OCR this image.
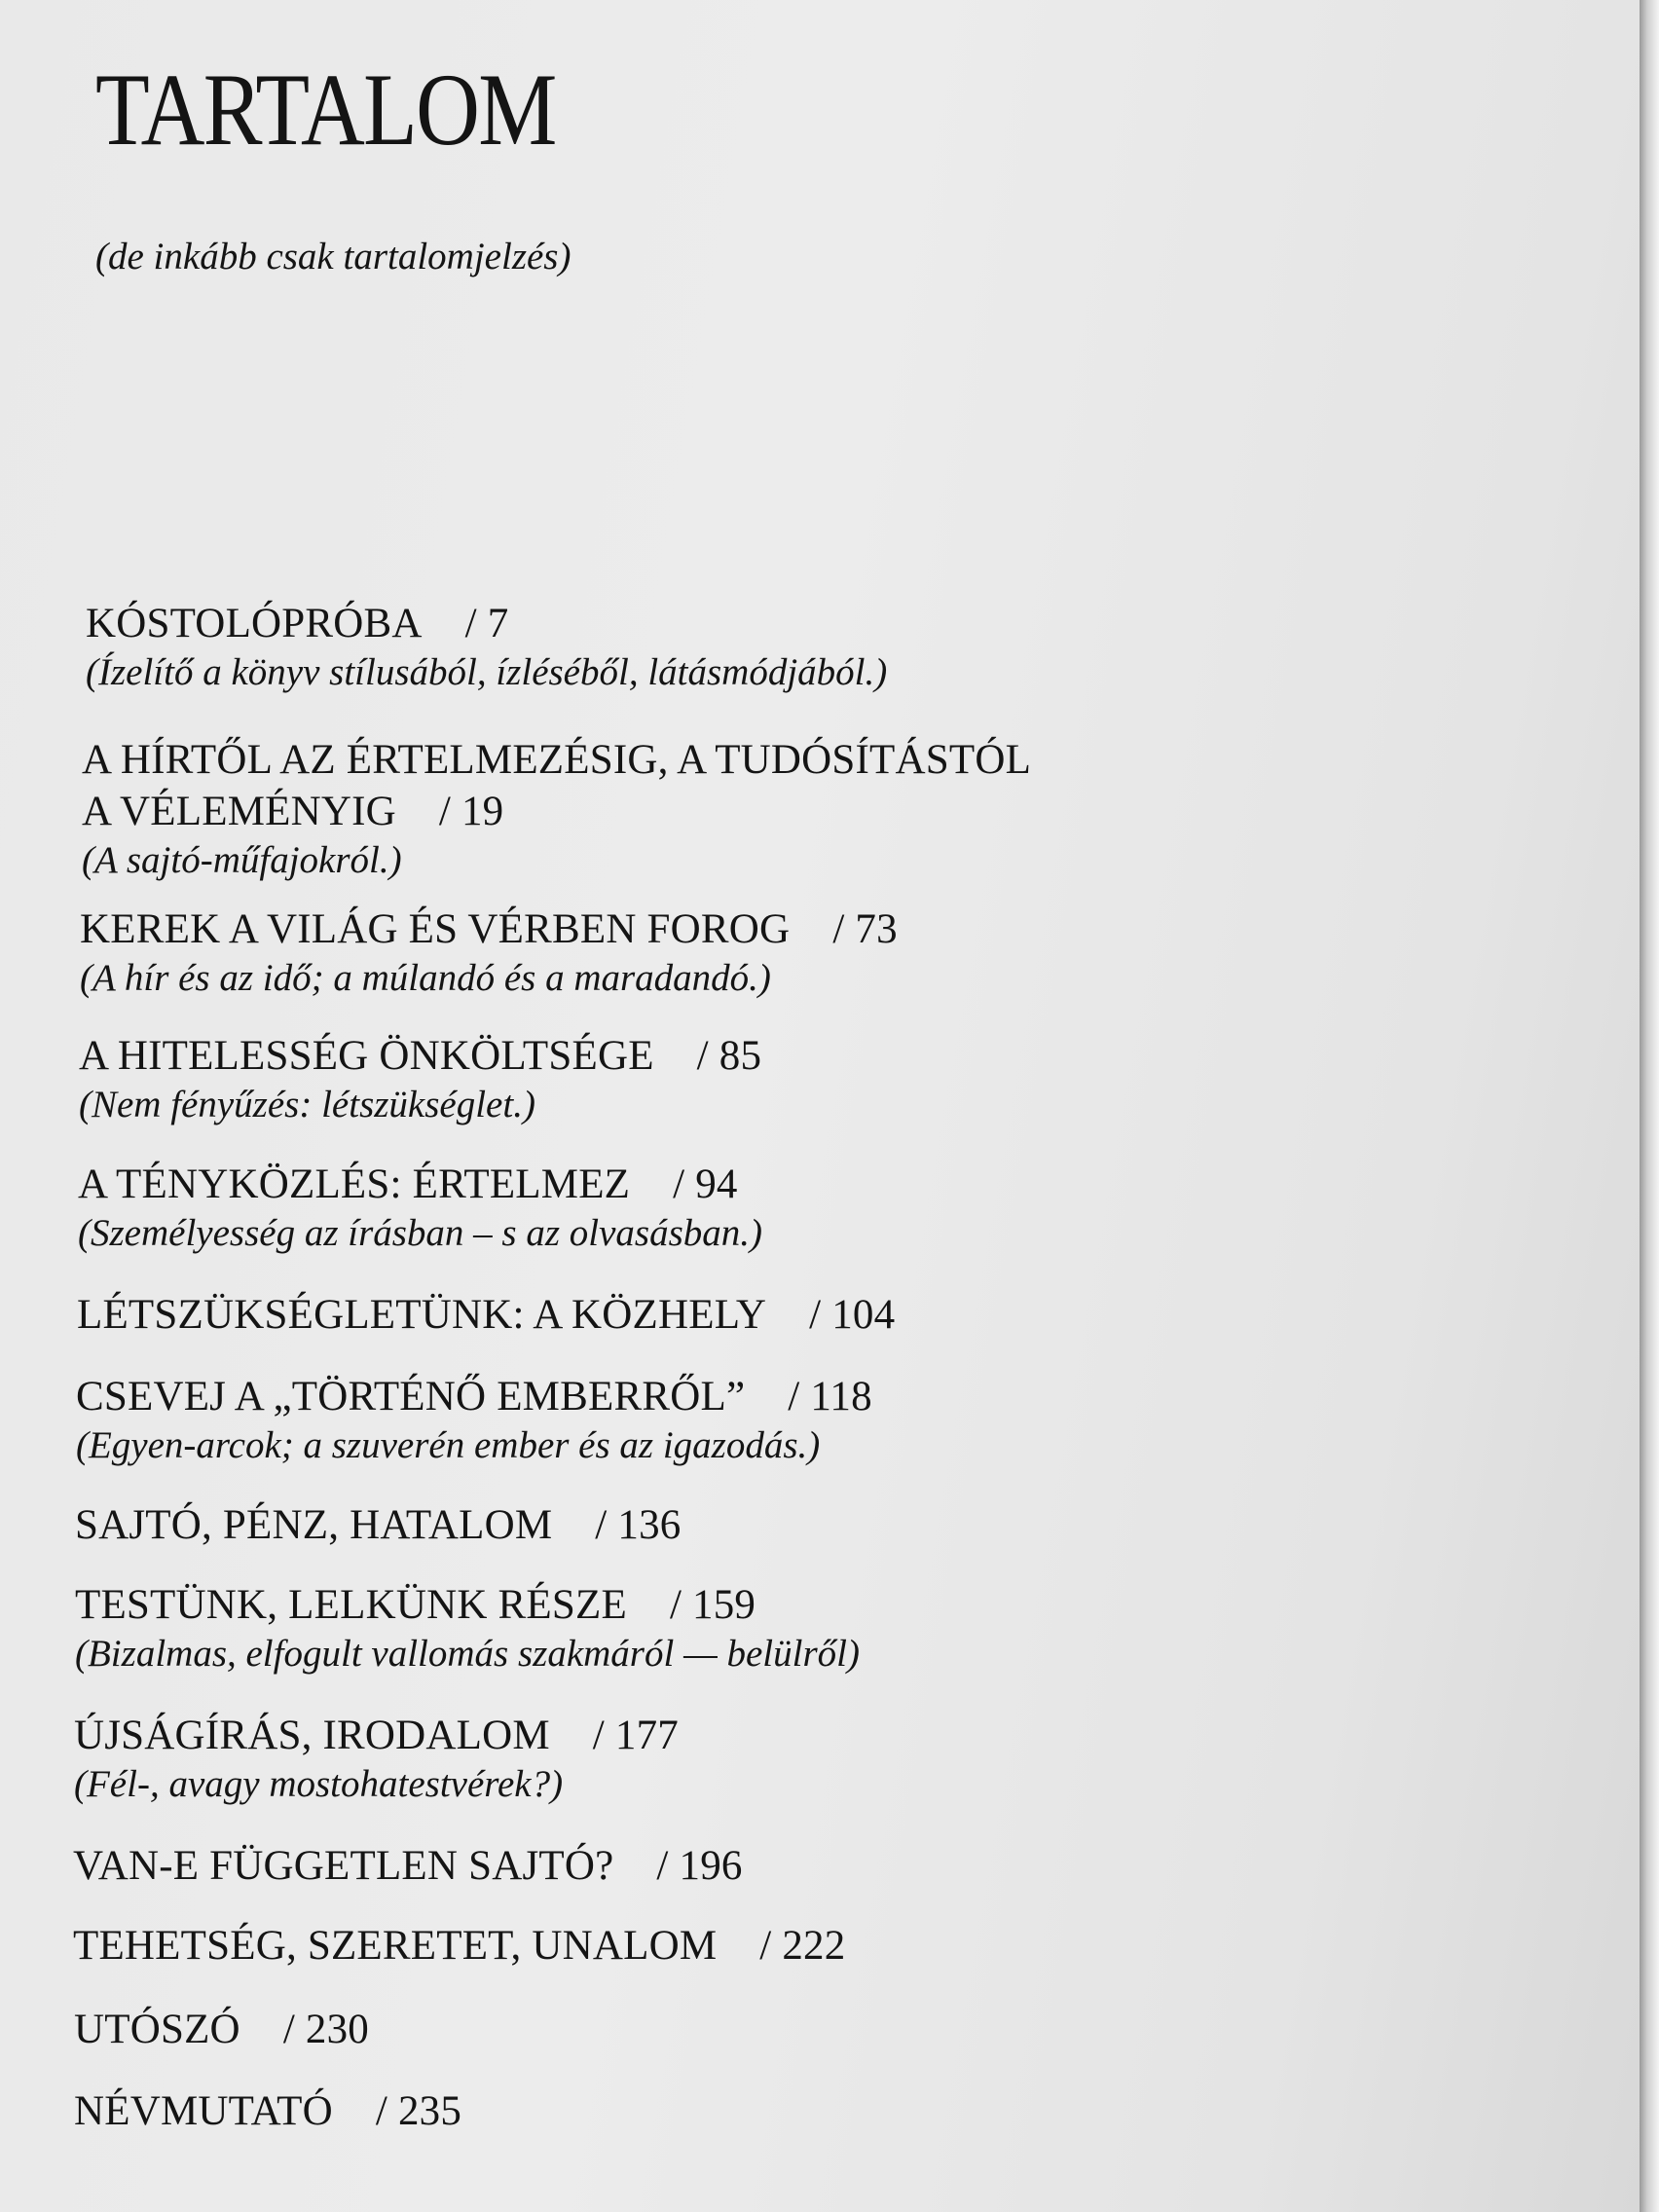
TARTALOM
(de inkább csak tartalomjelzés)
KÓSTOLÓPRÓBA / 7
(Ízelítő a könyv stílusából, ízléséből, látásmódjából.)
A HÍRTŐL AZ ÉRTELMEZÉSIG, A TUDÓSÍTÁSTÓL
A VÉLEMÉNYIG / 19
(A sajtó-műfajokról.)
KEREK A VILÁG ÉS VÉRBEN FOROG / 73
(A hír és az idő; a múlandó és a maradandó.)
A HITELESSÉG ÖNKÖLTSÉGE / 85
(Nem fényűzés: létszükséglet.)
A TÉNYKÖZLÉS: ÉRTELMEZ / 94
(Személyesség az írásban – s az olvasásban.)
LÉTSZÜKSÉGLETÜNK: A KÖZHELY / 104
CSEVEJ A „TÖRTÉNŐ EMBERRŐL” / 118
(Egyen-arcok; a szuverén ember és az igazodás.)
SAJTÓ, PÉNZ, HATALOM / 136
TESTÜNK, LELKÜNK RÉSZE / 159
(Bizalmas, elfogult vallomás szakmáról — belülről)
ÚJSÁGÍRÁS, IRODALOM / 177
(Fél-, avagy mostohatestvérek?)
VAN-E FÜGGETLEN SAJTÓ? / 196
TEHETSÉG, SZERETET, UNALOM / 222
UTÓSZÓ / 230
NÉVMUTATÓ / 235
